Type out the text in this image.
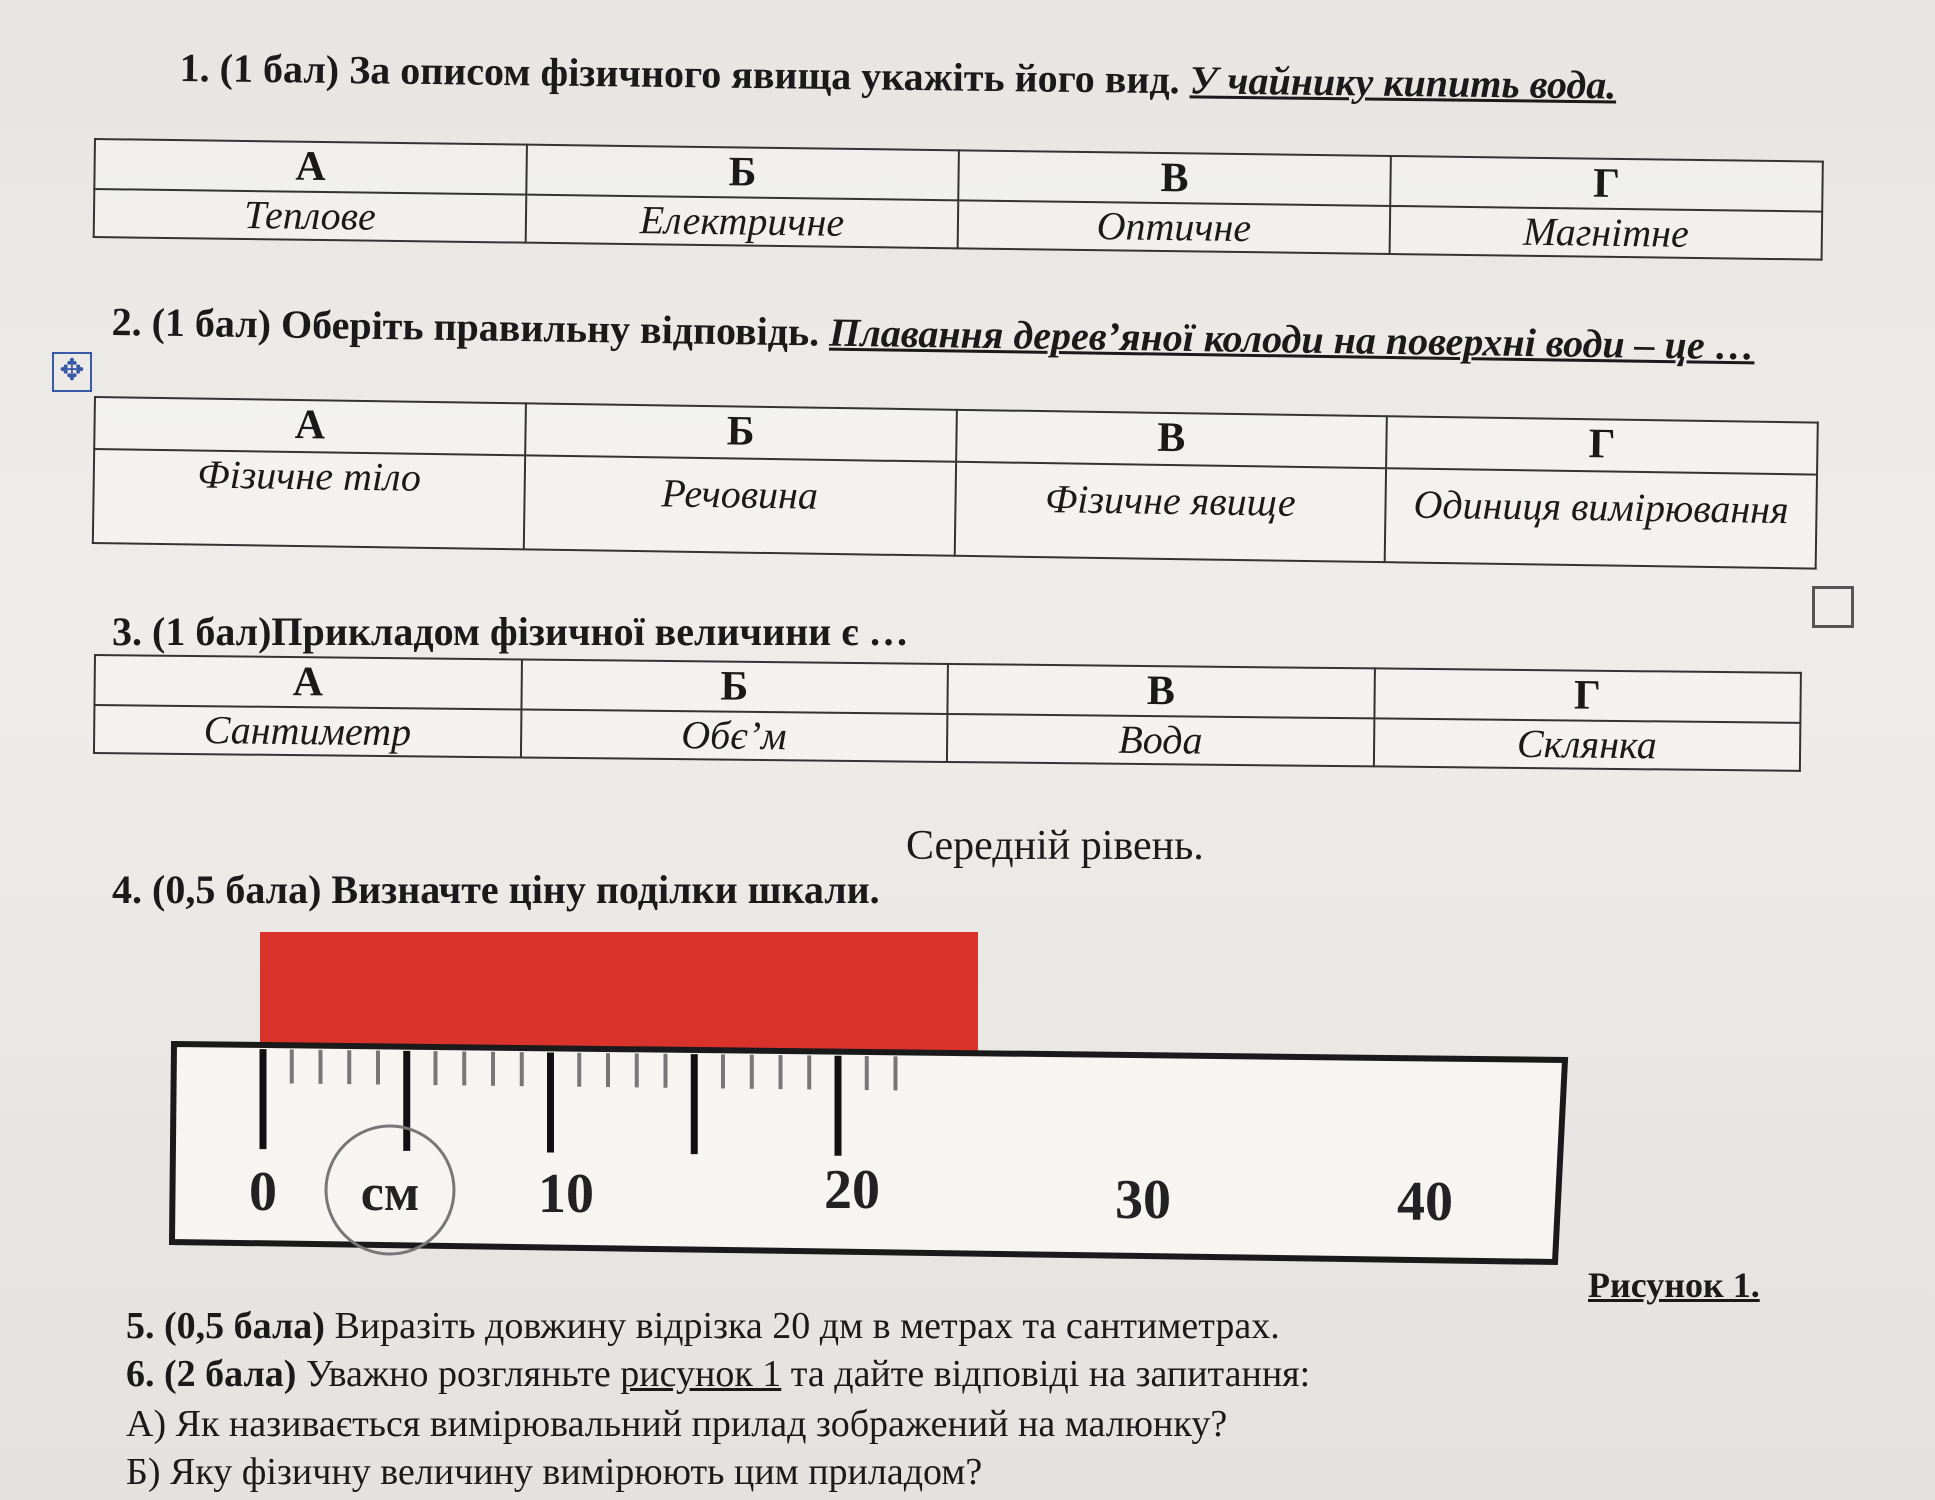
1. (1 бал) За описом фізичного явища укажіть його вид. У чайнику кипить вода.
А	Б	В	Г
Теплове	Електричне	Оптичне	Магнітне
2. (1 бал) Оберіть правильну відповідь. Плавання дерев’яної колоди на поверхні води – це …
✥
А	Б	В	Г
Фізичне тіло	Речовина	Фізичне явище	Одиниця вимірювання
3. (1 бал)Прикладом фізичної величини є …
А	Б	В	Г
Сантиметр	Обє’м	Вода	Склянка
Середній рівень.
4. (0,5 бала) Визначте ціну поділки шкали.
см
0	10	20	30	40
Рисунок 1.
5. (0,5 бала) Виразіть довжину відрізка 20 дм в метрах та сантиметрах.
6. (2 бала) Уважно розгляньте рисунок 1 та дайте відповіді на запитання:
А) Як називається вимірювальний прилад зображений на малюнку?
Б) Яку фізичну величину вимірюють цим приладом?
